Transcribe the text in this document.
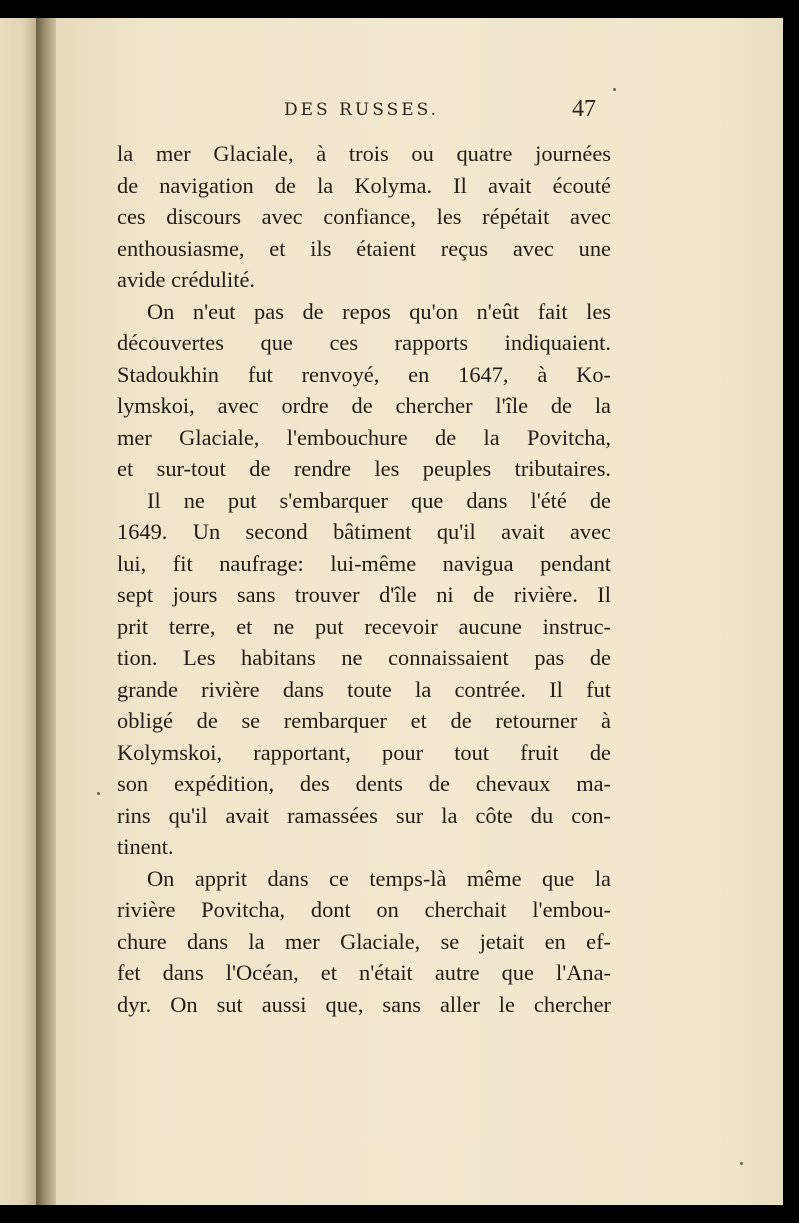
DES RUSSES.	47
la mer Glaciale, à trois ou quatre journées
de navigation de la Kolyma. Il avait écouté
ces discours avec confiance, les répétait avec
enthousiasme, et ils étaient reçus avec une
avide crédulité.
On n'eut pas de repos qu'on n'eût fait les
découvertes que ces rapports indiquaient.
Stadoukhin fut renvoyé, en 1647, à Ko-
lymskoi, avec ordre de chercher l'île de la
mer Glaciale, l'embouchure de la Povitcha,
et sur-tout de rendre les peuples tributaires.
Il ne put s'embarquer que dans l'été de
1649. Un second bâtiment qu'il avait avec
lui, fit naufrage: lui-même navigua pendant
sept jours sans trouver d'île ni de rivière. Il
prit terre, et ne put recevoir aucune instruc-
tion. Les habitans ne connaissaient pas de
grande rivière dans toute la contrée. Il fut
obligé de se rembarquer et de retourner à
Kolymskoi, rapportant, pour tout fruit de
son expédition, des dents de chevaux ma-
rins qu'il avait ramassées sur la côte du con-
tinent.
On apprit dans ce temps-là même que la
rivière Povitcha, dont on cherchait l'embou-
chure dans la mer Glaciale, se jetait en ef-
fet dans l'Océan, et n'était autre que l'Ana-
dyr. On sut aussi que, sans aller le chercher
